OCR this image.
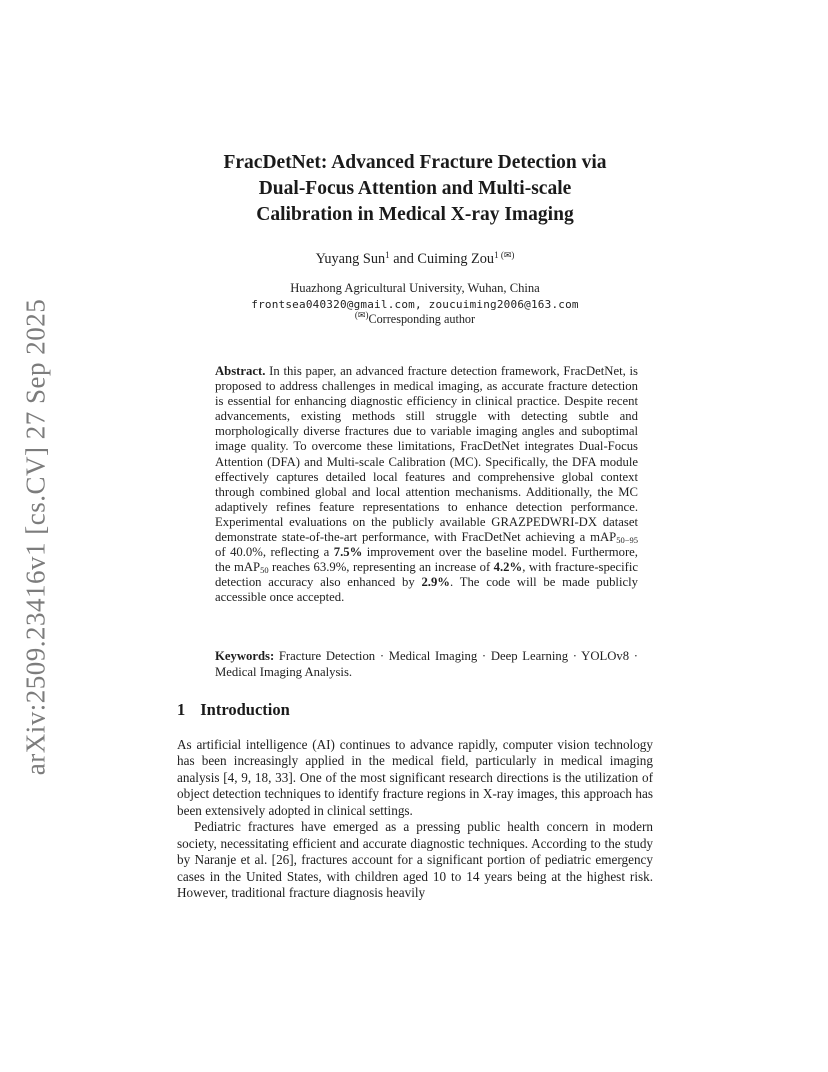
arXiv:2509.23416v1 [cs.CV] 27 Sep 2025
FracDetNet: Advanced Fracture Detection via
Dual-Focus Attention and Multi-scale
Calibration in Medical X-ray Imaging
Yuyang Sun$^1$ and Cuiming Zou$^{1 (✉)}$
Huazhong Agricultural University, Wuhan, China
frontsea040320@gmail.com, zoucuiming2006@163.com
(✉)Corresponding author

Abstract. In this paper, an advanced fracture detection framework, FracDetNet, is proposed to address challenges in medical imaging, as accurate fracture detection is essential for enhancing diagnostic efficiency in clinical practice. Despite recent advancements, existing methods still struggle with detecting subtle and morphologically diverse fractures due to variable imaging angles and suboptimal image quality. To overcome these limitations, FracDetNet integrates Dual-Focus Attention (DFA) and Multi-scale Calibration (MC). Specifically, the DFA module effectively captures detailed local features and comprehensive global context through combined global and local attention mechanisms. Additionally, the MC adaptively refines feature representations to enhance detection performance. Experimental evaluations on the publicly available GRAZPEDWRI-DX dataset demonstrate state-of-the-art performance, with FracDetNet achieving a mAP$_{50-95}$ of 40.0%, reflecting a 7.5% improvement over the baseline model. Furthermore, the mAP$_{50}$ reaches 63.9%, representing an increase of 4.2%, with fracture-specific detection accuracy also enhanced by 2.9%. The code will be made publicly accessible once accepted.

Keywords: Fracture Detection · Medical Imaging · Deep Learning · YOLOv8 · Medical Imaging Analysis.
1 Introduction

As artificial intelligence (AI) continues to advance rapidly, computer vision technology has been increasingly applied in the medical field, particularly in medical imaging analysis [4, 9, 18, 33]. One of the most significant research directions is the utilization of object detection techniques to identify fracture regions in X-ray images, this approach has been extensively adopted in clinical settings.

Pediatric fractures have emerged as a pressing public health concern in modern society, necessitating efficient and accurate diagnostic techniques. According to the study by Naranje et al. [26], fractures account for a significant portion of pediatric emergency cases in the United States, with children aged 10 to 14 years being at the highest risk. However, traditional fracture diagnosis heavily
